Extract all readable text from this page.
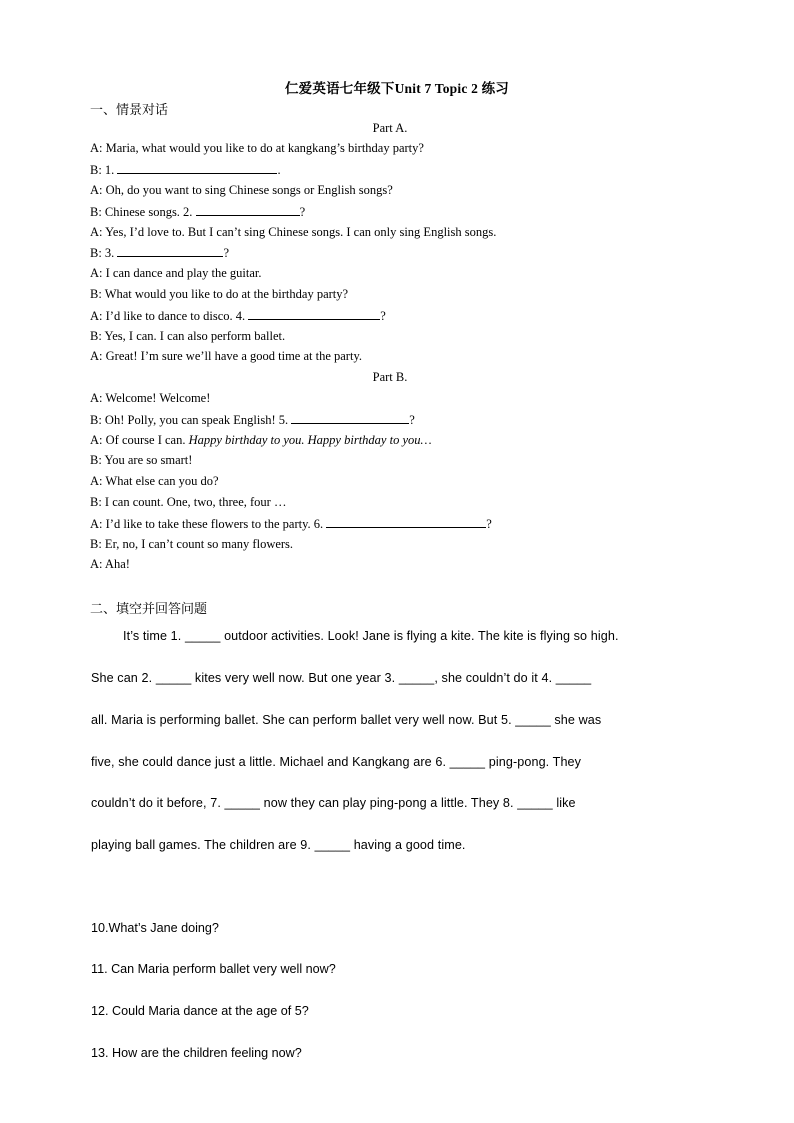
仁爱英语七年级下Unit 7 Topic 2 练习
一、情景对话
Part A.
A: Maria, what would you like to do at kangkang’s birthday party?
B: 1.	.
A: Oh, do you want to sing Chinese songs or English songs?
B: Chinese songs. 2.	?
A: Yes, I’d love to. But I can’t sing Chinese songs. I can only sing English songs.
B: 3.	?
A: I can dance and play the guitar.
B: What would you like to do at the birthday party?
A: I’d like to dance to disco. 4.	?
B: Yes, I can. I can also perform ballet.
A: Great! I’m sure we’ll have a good time at the party.
Part B.
A: Welcome! Welcome!
B: Oh! Polly, you can speak English! 5.	?
A: Of course I can. Happy birthday to you. Happy birthday to you…
B: You are so smart!
A: What else can you do?
B: I can count. One, two, three, four …
A: I’d like to take these flowers to the party. 6.	?
B: Er, no, I can’t count so many flowers.
A: Aha!
二、填空并回答问题
It’s time 1. _____ outdoor activities. Look! Jane is flying a kite. The kite is flying so high.
She can 2. _____ kites very well now. But one year 3. _____, she couldn’t do it 4. _____
all. Maria is performing ballet. She can perform ballet very well now. But 5. _____ she was
five, she could dance just a little. Michael and Kangkang are 6. _____ ping-pong. They
couldn’t do it before, 7. _____ now they can play ping-pong a little. They 8. _____ like
playing ball games. The children are 9. _____ having a good time.
10.What’s Jane doing?
11. Can Maria perform ballet very well now?
12. Could Maria dance at the age of 5?
13. How are the children feeling now?
